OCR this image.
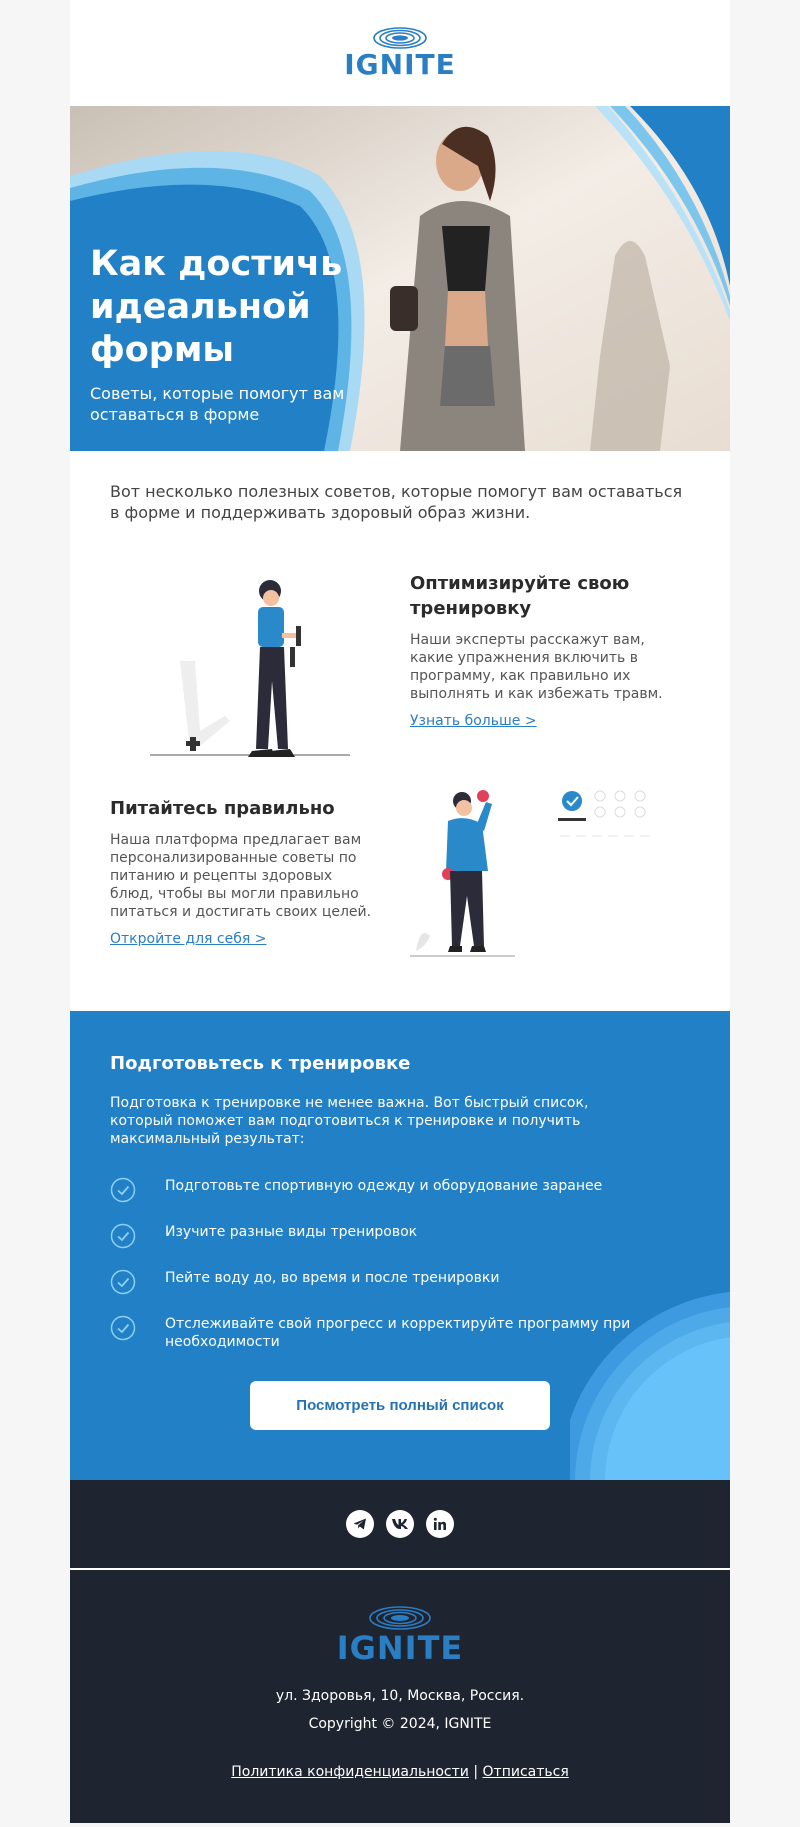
IGNITE
Как достичь идеальной формы
Советы, которые помогут вам оставаться в форме
Вот несколько полезных советов, которые помогут вам оставаться в форме и поддерживать здоровый образ жизни.
Оптимизируйте свою тренировку

Наши эксперты расскажут вам, какие упражнения включить в программу, как правильно их выполнять и как избежать травм.

Узнать больше >
Питайтесь правильно

Наша платформа предлагает вам персонализированные советы по питанию и рецепты здоровых блюд, чтобы вы могли правильно питаться и достигать своих целей.

Откройте для себя >
Подготовьтесь к тренировке
Подготовка к тренировке не менее важна. Вот быстрый список, который поможет вам подготовиться к тренировке и получить максимальный результат:
Подготовьте спортивную одежду и оборудование заранее
Изучите разные виды тренировок
Пейте воду до, во время и после тренировки
Отслеживайте свой прогресс и корректируйте программу при необходимости
Посмотреть полный список
IGNITE
ул. Здоровья, 10, Москва, Россия.
Copyright © 2024, IGNITE
Политика конфиденциальности | Отписаться
